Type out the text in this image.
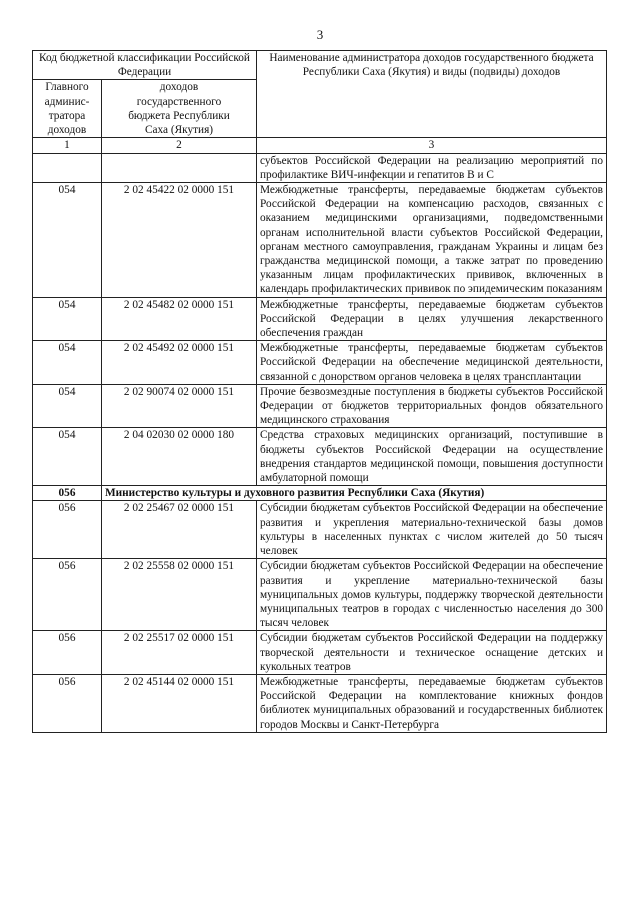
3
Код бюджетной классификации Российской Федерации		Наименование администратора доходов государственного бюджета Республики Саха (Якутия) и виды (подвиды) доходов
Главного админис-тратора доходов	доходов государственного бюджета Республики Саха (Якутия)	
1	2	3
		субъектов Российской Федерации на реализацию мероприятий по профилактике ВИЧ-инфекции и гепатитов В и С
054	2 02 45422 02 0000 151	Межбюджетные трансферты, передаваемые бюджетам субъектов Российской Федерации на компенсацию расходов, связанных с оказанием медицинскими организациями, подведомственными органам исполнительной власти субъектов Российской Федерации, органам местного самоуправления, гражданам Украины и лицам без гражданства медицинской помощи, а также затрат по проведению указанным лицам профилактических прививок, включенных в календарь профилактических прививок по эпидемическим показаниям
054	2 02 45482 02 0000 151	Межбюджетные трансферты, передаваемые бюджетам субъектов Российской Федерации в целях улучшения лекарственного обеспечения граждан
054	2 02 45492 02 0000 151	Межбюджетные трансферты, передаваемые бюджетам субъектов Российской Федерации на обеспечение медицинской деятельности, связанной с донорством органов человека в целях трансплантации
054	2 02 90074 02 0000 151	Прочие безвозмездные поступления в бюджеты субъектов Российской Федерации от бюджетов территориальных фондов обязательного медицинского страхования
054	2 04 02030 02 0000 180	Средства страховых медицинских организаций, поступившие в бюджеты субъектов Российской Федерации на осуществление внедрения стандартов медицинской помощи, повышения доступности амбулаторной помощи
056	Министерство культуры и духовного развития Республики Саха (Якутия)	
056	2 02 25467 02 0000 151	Субсидии бюджетам субъектов Российской Федерации на обеспечение развития и укрепления материально-технической базы домов культуры в населенных пунктах с числом жителей до 50 тысяч человек
056	2 02 25558 02 0000 151	Субсидии бюджетам субъектов Российской Федерации на обеспечение развития и укрепление материально-технической базы муниципальных домов культуры, поддержку творческой деятельности муниципальных театров в городах с численностью населения до 300 тысяч человек
056	2 02 25517 02 0000 151	Субсидии бюджетам субъектов Российской Федерации на поддержку творческой деятельности и техническое оснащение детских и кукольных театров
056	2 02 45144 02 0000 151	Межбюджетные трансферты, передаваемые бюджетам субъектов Российской Федерации на комплектование книжных фондов библиотек муниципальных образований и государственных библиотек городов Москвы и Санкт-Петербурга
